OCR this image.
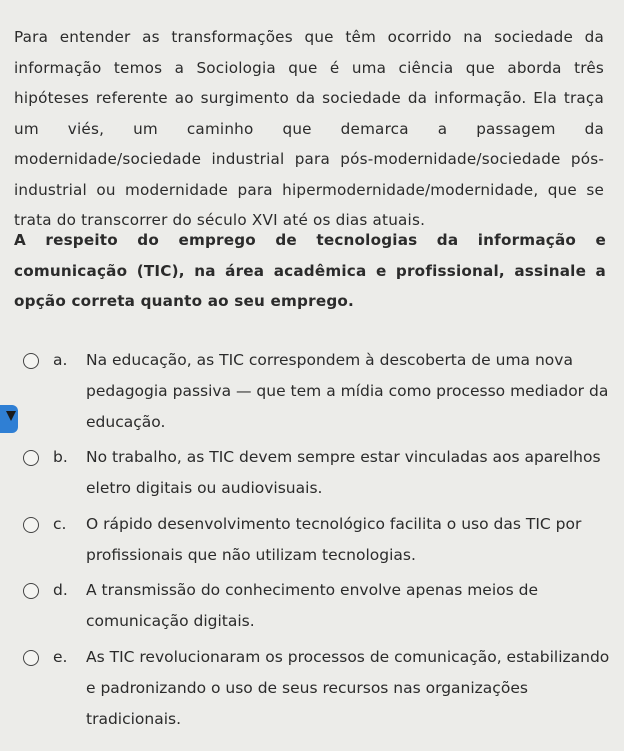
Para entender as transformações que têm ocorrido na sociedade da informação temos a Sociologia que é uma ciência que aborda três hipóteses referente ao surgimento da sociedade da informação. Ela traça um viés, um caminho que demarca a passagem da modernidade/sociedade industrial para pós-modernidade/sociedade pós-industrial ou modernidade para hipermodernidade/modernidade, que se trata do transcorrer do século XVI até os dias atuais.

A respeito do emprego de tecnologias da informação e comunicação (TIC), na área acadêmica e profissional, assinale a opção correta quanto ao seu emprego.

a. Na educação, as TIC correspondem à descoberta de uma nova pedagogia passiva — que tem a mídia como processo mediador da educação.
b. No trabalho, as TIC devem sempre estar vinculadas aos aparelhos eletro digitais ou audiovisuais.
c. O rápido desenvolvimento tecnológico facilita o uso das TIC por profissionais que não utilizam tecnologias.
d. A transmissão do conhecimento envolve apenas meios de comunicação digitais.
e. As TIC revolucionaram os processos de comunicação, estabilizando e padronizando o uso de seus recursos nas organizações tradicionais.
